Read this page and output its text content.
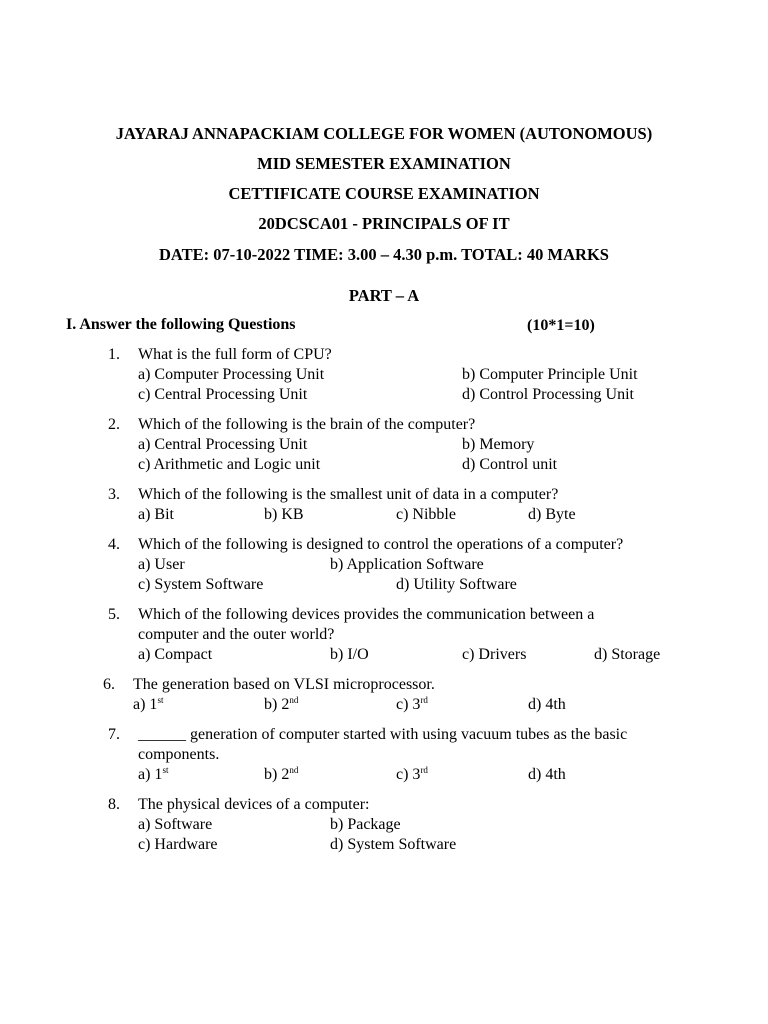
JAYARAJ ANNAPACKIAM COLLEGE FOR WOMEN (AUTONOMOUS)
MID SEMESTER EXAMINATION
CETTIFICATE COURSE EXAMINATION
20DCSCA01 - PRINCIPALS OF IT
DATE: 07-10-2022 TIME: 3.00 – 4.30 p.m. TOTAL: 40 MARKS
PART – A
I. Answer the following Questions	(10*1=10)
1. What is the full form of CPU?
a) Computer Processing Unit	b) Computer Principle Unit
c) Central Processing Unit	d) Control Processing Unit
2. Which of the following is the brain of the computer?
a) Central Processing Unit	b) Memory
c) Arithmetic and Logic unit	d) Control unit
3. Which of the following is the smallest unit of data in a computer?
a) Bit	b) KB	c) Nibble	d) Byte
4. Which of the following is designed to control the operations of a computer?
a) User	b) Application Software
c) System Software	d) Utility Software
5. Which of the following devices provides the communication between a
computer and the outer world?
a) Compact	b) I/O	c) Drivers	d) Storage
6. The generation based on VLSI microprocessor.
a) 1st	b) 2nd	c) 3rd	d) 4th
7. ______ generation of computer started with using vacuum tubes as the basic
components.
a) 1st	b) 2nd	c) 3rd	d) 4th
8. The physical devices of a computer:
a) Software	b) Package
c) Hardware	d) System Software
